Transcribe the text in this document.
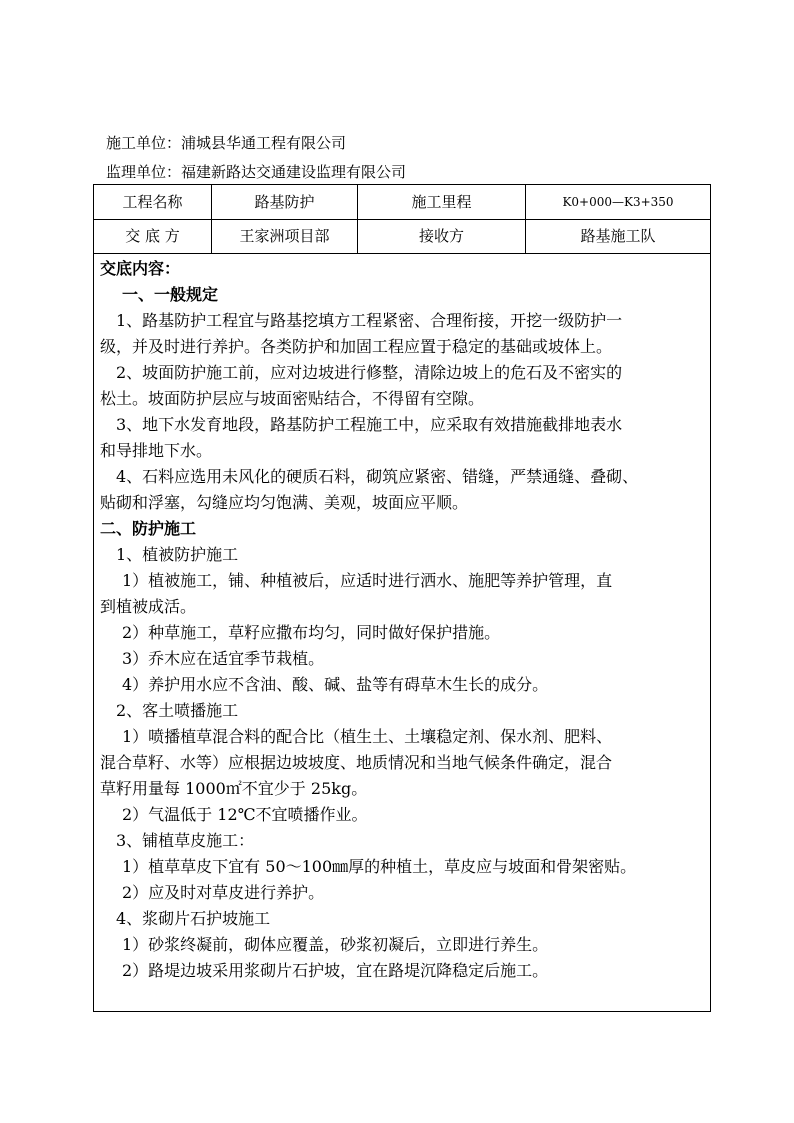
施工单位：浦城县华通工程有限公司
监理单位：福建新路达交通建设监理有限公司
工程名称	路基防护	施工里程	K0+000—K3+350
交 底 方	王家洲项目部	接收方	路基施工队
交底内容：
一、一般规定
1、路基防护工程宜与路基挖填方工程紧密、合理衔接，开挖一级防护一
级，并及时进行养护。各类防护和加固工程应置于稳定的基础或坡体上。
2、坡面防护施工前，应对边坡进行修整，清除边坡上的危石及不密实的
松土。坡面防护层应与坡面密贴结合，不得留有空隙。
3、地下水发育地段，路基防护工程施工中，应采取有效措施截排地表水
和导排地下水。
4、石料应选用未风化的硬质石料，砌筑应紧密、错缝，严禁通缝、叠砌、
贴砌和浮塞，勾缝应均匀饱满、美观，坡面应平顺。
二、防护施工
1、植被防护施工
1）植被施工，铺、种植被后，应适时进行洒水、施肥等养护管理，直
到植被成活。
2）种草施工，草籽应撒布均匀，同时做好保护措施。
3）乔木应在适宜季节栽植。
4）养护用水应不含油、酸、碱、盐等有碍草木生长的成分。
2、客土喷播施工
1）喷播植草混合料的配合比（植生土、土壤稳定剂、保水剂、肥料、
混合草籽、水等）应根据边坡坡度、地质情况和当地气候条件确定，混合
草籽用量每 1000㎡不宜少于 25kg。
2）气温低于 12℃不宜喷播作业。
3、铺植草皮施工：
1）植草草皮下宜有 50～100㎜厚的种植土，草皮应与坡面和骨架密贴。
2）应及时对草皮进行养护。
4、浆砌片石护坡施工
1）砂浆终凝前，砌体应覆盖，砂浆初凝后，立即进行养生。
2）路堤边坡采用浆砌片石护坡，宜在路堤沉降稳定后施工。
